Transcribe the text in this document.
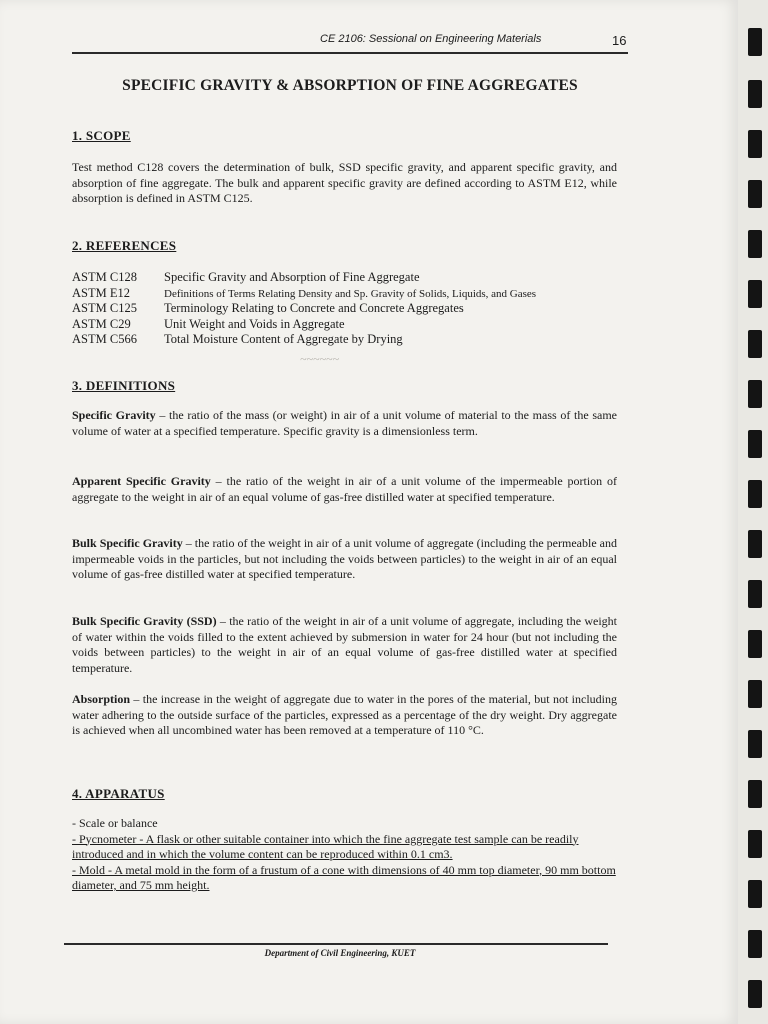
CE 2106: Sessional on Engineering Materials	16
SPECIFIC GRAVITY & ABSORPTION OF FINE AGGREGATES
1. SCOPE
Test method C128 covers the determination of bulk, SSD specific gravity, and apparent specific gravity, and absorption of fine aggregate. The bulk and apparent specific gravity are defined according to ASTM E12, while absorption is defined in ASTM C125.
2. REFERENCES
ASTM C128 Specific Gravity and Absorption of Fine Aggregate
ASTM E12	Definitions of Terms Relating Density and Sp. Gravity of Solids, Liquids, and Gases
ASTM C125 Terminology Relating to Concrete and Concrete Aggregates
ASTM C29	Unit Weight and Voids in Aggregate
ASTM C566 Total Moisture Content of Aggregate by Drying
~~~~~~
3. DEFINITIONS
Specific Gravity – the ratio of the mass (or weight) in air of a unit volume of material to the mass of the same volume of water at a specified temperature. Specific gravity is a dimensionless term.
Apparent Specific Gravity – the ratio of the weight in air of a unit volume of the impermeable portion of aggregate to the weight in air of an equal volume of gas-free distilled water at specified temperature.
Bulk Specific Gravity – the ratio of the weight in air of a unit volume of aggregate (including the permeable and impermeable voids in the particles, but not including the voids between particles) to the weight in air of an equal volume of gas-free distilled water at specified temperature.
Bulk Specific Gravity (SSD) – the ratio of the weight in air of a unit volume of aggregate, including the weight of water within the voids filled to the extent achieved by submersion in water for 24 hour (but not including the voids between particles) to the weight in air of an equal volume of gas-free distilled water at specified temperature.
Absorption – the increase in the weight of aggregate due to water in the pores of the material, but not including water adhering to the outside surface of the particles, expressed as a percentage of the dry weight. Dry aggregate is achieved when all uncombined water has been removed at a temperature of 110 °C.
4. APPARATUS
- Scale or balance
- Pycnometer - A flask or other suitable container into which the fine aggregate test sample can be readily introduced and in which the volume content can be reproduced within 0.1 cm3.
- Mold - A metal mold in the form of a frustum of a cone with dimensions of 40 mm top diameter, 90 mm bottom diameter, and 75 mm height.
Department of Civil Engineering, KUET
